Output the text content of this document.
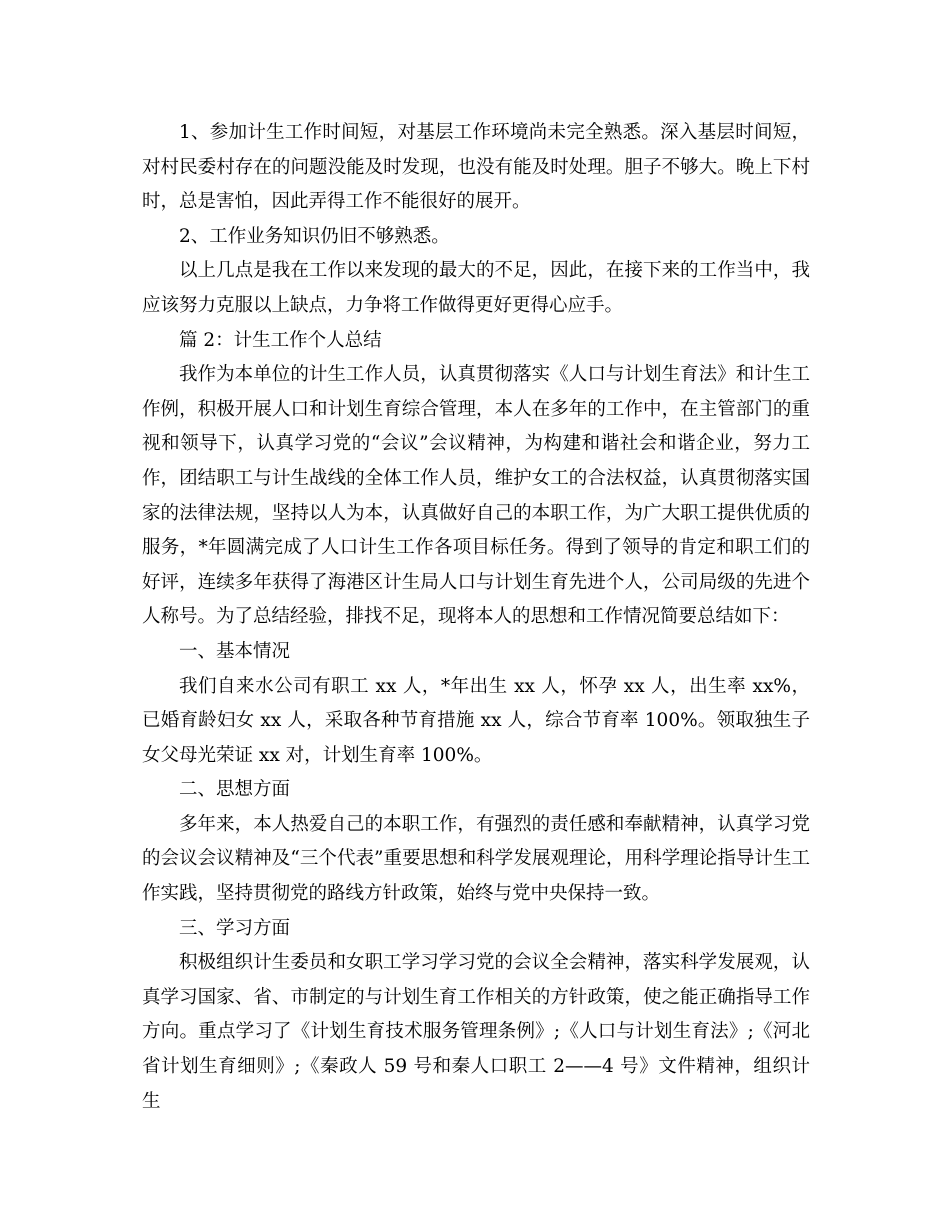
1、参加计生工作时间短，对基层工作环境尚未完全熟悉。深入基层时间短，对村民委村存在的问题没能及时发现，也没有能及时处理。胆子不够大。晚上下村时，总是害怕，因此弄得工作不能很好的展开。

2、工作业务知识仍旧不够熟悉。

以上几点是我在工作以来发现的最大的不足，因此，在接下来的工作当中，我应该努力克服以上缺点，力争将工作做得更好更得心应手。

篇 2：计生工作个人总结

我作为本单位的计生工作人员，认真贯彻落实《人口与计划生育法》和计生工作例，积极开展人口和计划生育综合管理，本人在多年的工作中，在主管部门的重视和领导下，认真学习党的“会议”会议精神，为构建和谐社会和谐企业，努力工作，团结职工与计生战线的全体工作人员，维护女工的合法权益，认真贯彻落实国家的法律法规，坚持以人为本，认真做好自己的本职工作，为广大职工提供优质的服务，*年圆满完成了人口计生工作各项目标任务。得到了领导的肯定和职工们的好评，连续多年获得了海港区计生局人口与计划生育先进个人，公司局级的先进个人称号。为了总结经验，排找不足，现将本人的思想和工作情况简要总结如下：

一、基本情况

我们自来水公司有职工 xx 人，*年出生 xx 人，怀孕 xx 人，出生率 xx%，已婚育龄妇女 xx 人，采取各种节育措施 xx 人，综合节育率 100%。领取独生子女父母光荣证 xx 对，计划生育率 100%。

二、思想方面

多年来，本人热爱自己的本职工作，有强烈的责任感和奉献精神，认真学习党的会议会议精神及“三个代表”重要思想和科学发展观理论，用科学理论指导计生工作实践，坚持贯彻党的路线方针政策，始终与党中央保持一致。

三、学习方面

积极组织计生委员和女职工学习学习党的会议全会精神，落实科学发展观，认真学习国家、省、市制定的与计划生育工作相关的方针政策，使之能正确指导工作方向。重点学习了《计划生育技术服务管理条例》;《人口与计划生育法》;《河北省计划生育细则》;《秦政人 59 号和秦人口职工 2——4 号》文件精神，组织计生
